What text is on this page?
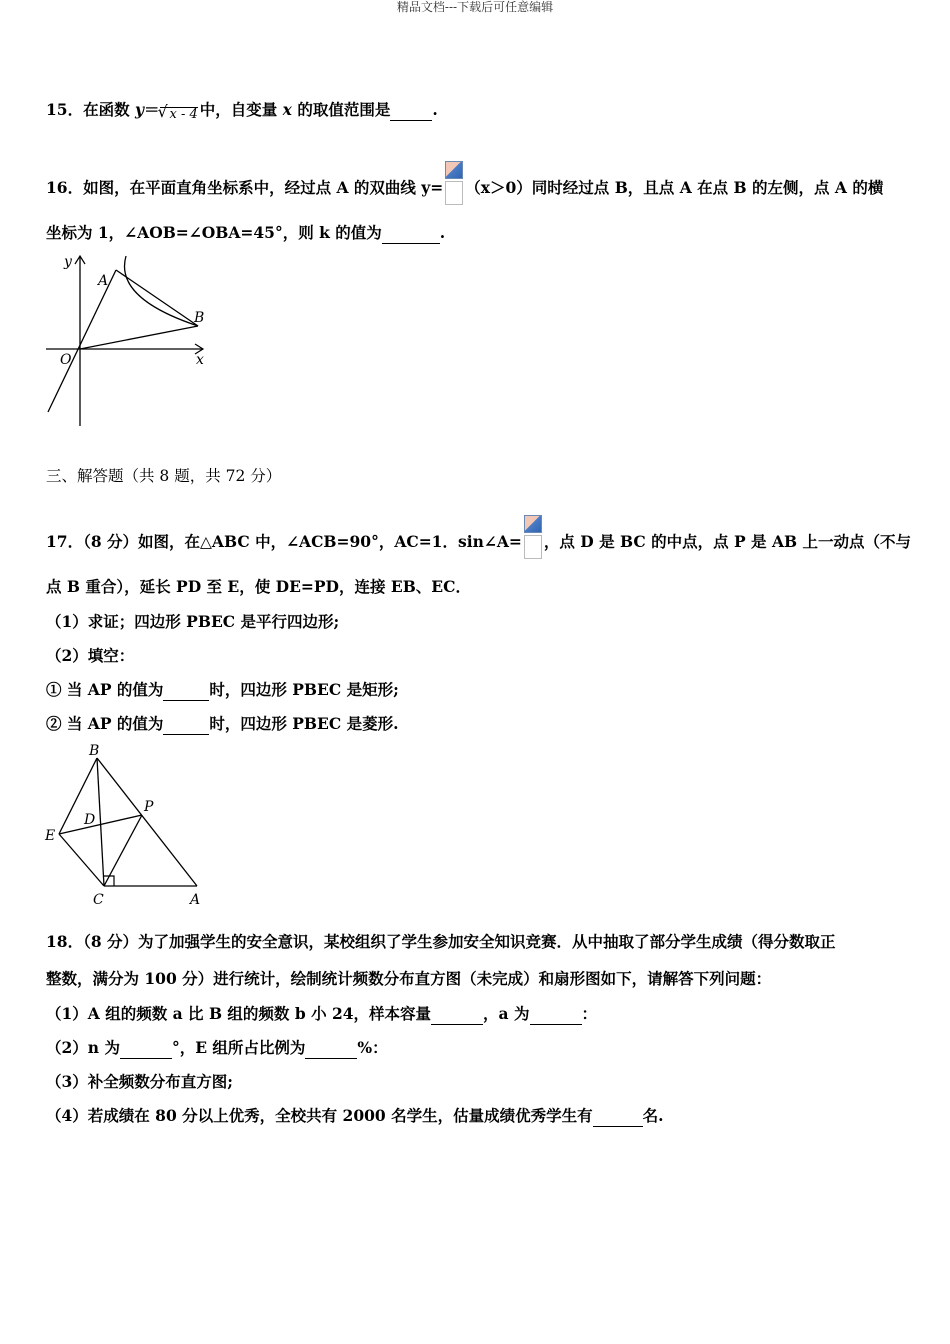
精品文档---下载后可任意编辑
15．在函数 y＝√ x - 4 中，自变量 x 的取值范围是	.
16．如图，在平面直角坐标系中，经过点 A 的双曲线 y= （x＞0）同时经过点 B，且点 A 在点 B 的左侧，点 A 的横
坐标为 1，∠AOB=∠OBA=45°，则 k 的值为	.
y
A
B
O	x
三、解答题（共 8 题，共 72 分）
17．（8 分）如图，在△ABC 中，∠ACB=90°，AC=1．sin∠A= ，点 D 是 BC 的中点，点 P 是 AB 上一动点（不与
点 B 重合），延长 PD 至 E，使 DE=PD，连接 EB、EC．
（1）求证；四边形 PBEC 是平行四边形;
（2）填空：
① 当 AP 的值为	时，四边形 PBEC 是矩形;
② 当 AP 的值为	时，四边形 PBEC 是菱形.
B
P
D
E
C	A
18．（8 分）为了加强学生的安全意识，某校组织了学生参加安全知识竞赛．从中抽取了部分学生成绩（得分数取正
整数，满分为 100 分）进行统计，绘制统计频数分布直方图（未完成）和扇形图如下，请解答下列问题：
（1）A 组的频数 a 比 B 组的频数 b 小 24，样本容量	，a 为	：
（2）n 为	°，E 组所占比例为	%：
（3）补全频数分布直方图;
（4）若成绩在 80 分以上优秀，全校共有 2000 名学生，估量成绩优秀学生有	名.
